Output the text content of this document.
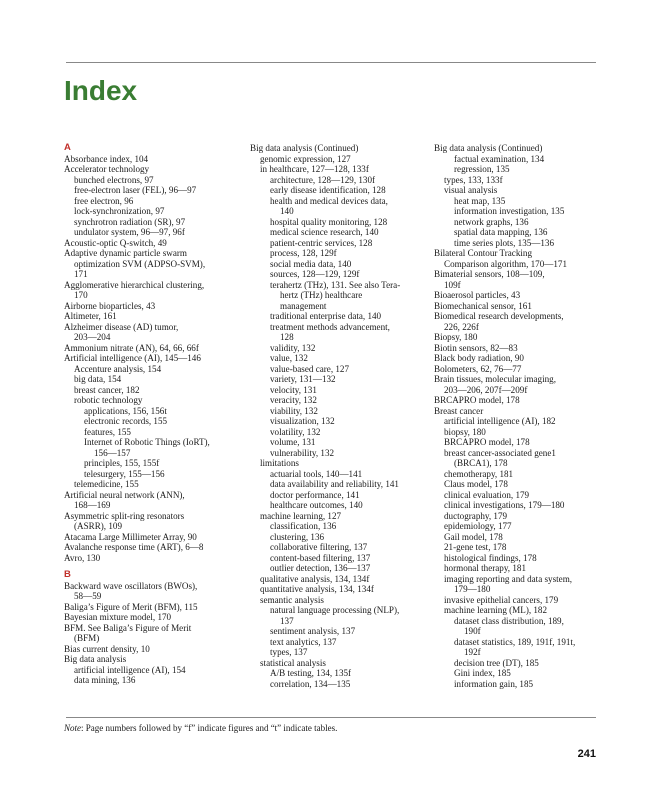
Index
A
Absorbance index, 104
Accelerator technology
bunched electrons, 97
free-electron laser (FEL), 96—97
free electron, 96
lock-synchronization, 97
synchrotron radiation (SR), 97
undulator system, 96—97, 96f
Acoustic-optic Q-switch, 49
Adaptive dynamic particle swarm
optimization SVM (ADPSO-SVM),
171
Agglomerative hierarchical clustering,
170
Airborne bioparticles, 43
Altimeter, 161
Alzheimer disease (AD) tumor,
203—204
Ammonium nitrate (AN), 64, 66, 66f
Artificial intelligence (AI), 145—146
Accenture analysis, 154
big data, 154
breast cancer, 182
robotic technology
applications, 156, 156t
electronic records, 155
features, 155
Internet of Robotic Things (IoRT),
156—157
principles, 155, 155f
telesurgery, 155—156
telemedicine, 155
Artificial neural network (ANN),
168—169
Asymmetric split-ring resonators
(ASRR), 109
Atacama Large Millimeter Array, 90
Avalanche response time (ART), 6—8
Avro, 130
B
Backward wave oscillators (BWOs),
58—59
Baliga’s Figure of Merit (BFM), 115
Bayesian mixture model, 170
BFM. See Baliga’s Figure of Merit
(BFM)
Bias current density, 10
Big data analysis
artificial intelligence (AI), 154
data mining, 136
Big data analysis (Continued)
genomic expression, 127
in healthcare, 127—128, 133f
architecture, 128—129, 130f
early disease identification, 128
health and medical devices data,
140
hospital quality monitoring, 128
medical science research, 140
patient-centric services, 128
process, 128, 129f
social media data, 140
sources, 128—129, 129f
terahertz (THz), 131. See also Tera-
hertz (THz) healthcare
management
traditional enterprise data, 140
treatment methods advancement,
128
validity, 132
value, 132
value-based care, 127
variety, 131—132
velocity, 131
veracity, 132
viability, 132
visualization, 132
volatility, 132
volume, 131
vulnerability, 132
limitations
actuarial tools, 140—141
data availability and reliability, 141
doctor performance, 141
healthcare outcomes, 140
machine learning, 127
classification, 136
clustering, 136
collaborative filtering, 137
content-based filtering, 137
outlier detection, 136—137
qualitative analysis, 134, 134f
quantitative analysis, 134, 134f
semantic analysis
natural language processing (NLP),
137
sentiment analysis, 137
text analytics, 137
types, 137
statistical analysis
A/B testing, 134, 135f
correlation, 134—135
Big data analysis (Continued)
factual examination, 134
regression, 135
types, 133, 133f
visual analysis
heat map, 135
information investigation, 135
network graphs, 136
spatial data mapping, 136
time series plots, 135—136
Bilateral Contour Tracking
Comparison algorithm, 170—171
Bimaterial sensors, 108—109,
109f
Bioaerosol particles, 43
Biomechanical sensor, 161
Biomedical research developments,
226, 226f
Biopsy, 180
Biotin sensors, 82—83
Black body radiation, 90
Bolometers, 62, 76—77
Brain tissues, molecular imaging,
203—206, 207f—209f
BRCAPRO model, 178
Breast cancer
artificial intelligence (AI), 182
biopsy, 180
BRCAPRO model, 178
breast cancer-associated gene1
(BRCA1), 178
chemotherapy, 181
Claus model, 178
clinical evaluation, 179
clinical investigations, 179—180
ductography, 179
epidemiology, 177
Gail model, 178
21-gene test, 178
histological findings, 178
hormonal therapy, 181
imaging reporting and data system,
179—180
invasive epithelial cancers, 179
machine learning (ML), 182
dataset class distribution, 189,
190f
dataset statistics, 189, 191f, 191t,
192f
decision tree (DT), 185
Gini index, 185
information gain, 185
Note: Page numbers followed by “f” indicate figures and “t” indicate tables.
241
